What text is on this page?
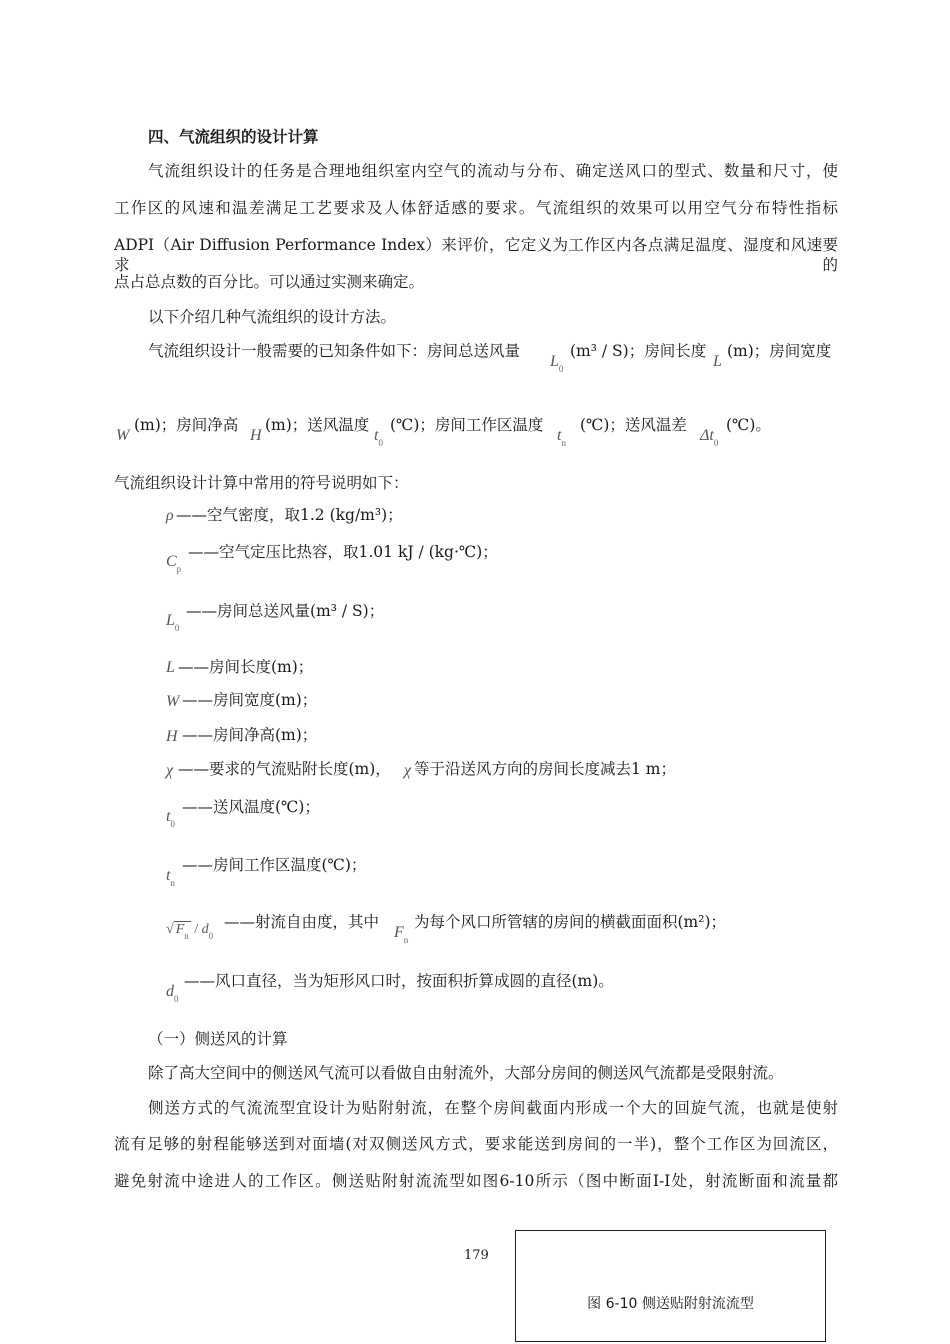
四、气流组织的设计计算
气流组织设计的任务是合理地组织室内空气的流动与分布、确定送风口的型式、数量和尺寸，使
工作区的风速和温差满足工艺要求及人体舒适感的要求。气流组织的效果可以用空气分布特性指标
ADPI（Air Diffusion Performance Index）来评价，它定义为工作区内各点满足温度、湿度和风速要求的
点占总点数的百分比。可以通过实测来确定。
以下介绍几种气流组织的设计方法。
气流组织设计一般需要的已知条件如下：房间总送风量
$L_0$
(m³ / S)；房间长度
L
(m)；房间宽度
W
(m)；房间净高
H
(m)；送风温度
$t_0$
(℃)；房间工作区温度
$t_n$
(℃)；送风温差
$\Delta t_0$
(℃)。
气流组织设计计算中常用的符号说明如下：
ρ ——空气密度，取1.2 (kg/m³)；
$C_p$
——空气定压比热容，取1.01 kJ / (kg·℃)；
$L_0$
——房间总送风量(m³ / S)；
L ——房间长度(m)；
W ——房间宽度(m)；
H ——房间净高(m)；
χ ——要求的气流贴附长度(m)， χ 等于沿送风方向的房间长度减去1 m；
$t_0$
——送风温度(℃)；
$t_n$
——房间工作区温度(℃)；
√ $F_n / d_0$
——射流自由度，其中
$F_n$
为每个风口所管辖的房间的横截面面积(m²)；
$d_0$
——风口直径，当为矩形风口时，按面积折算成圆的直径(m)。
（一）侧送风的计算
除了高大空间中的侧送风气流可以看做自由射流外，大部分房间的侧送风气流都是受限射流。
侧送方式的气流流型宜设计为贴附射流，在整个房间截面内形成一个大的回旋气流，也就是使射
流有足够的射程能够送到对面墙(对双侧送风方式，要求能送到房间的一半)，整个工作区为回流区，
避免射流中途进人的工作区。侧送贴附射流流型如图6-10所示（图中断面I-I处，射流断面和流量都
179
图 6-10 侧送贴附射流流型
